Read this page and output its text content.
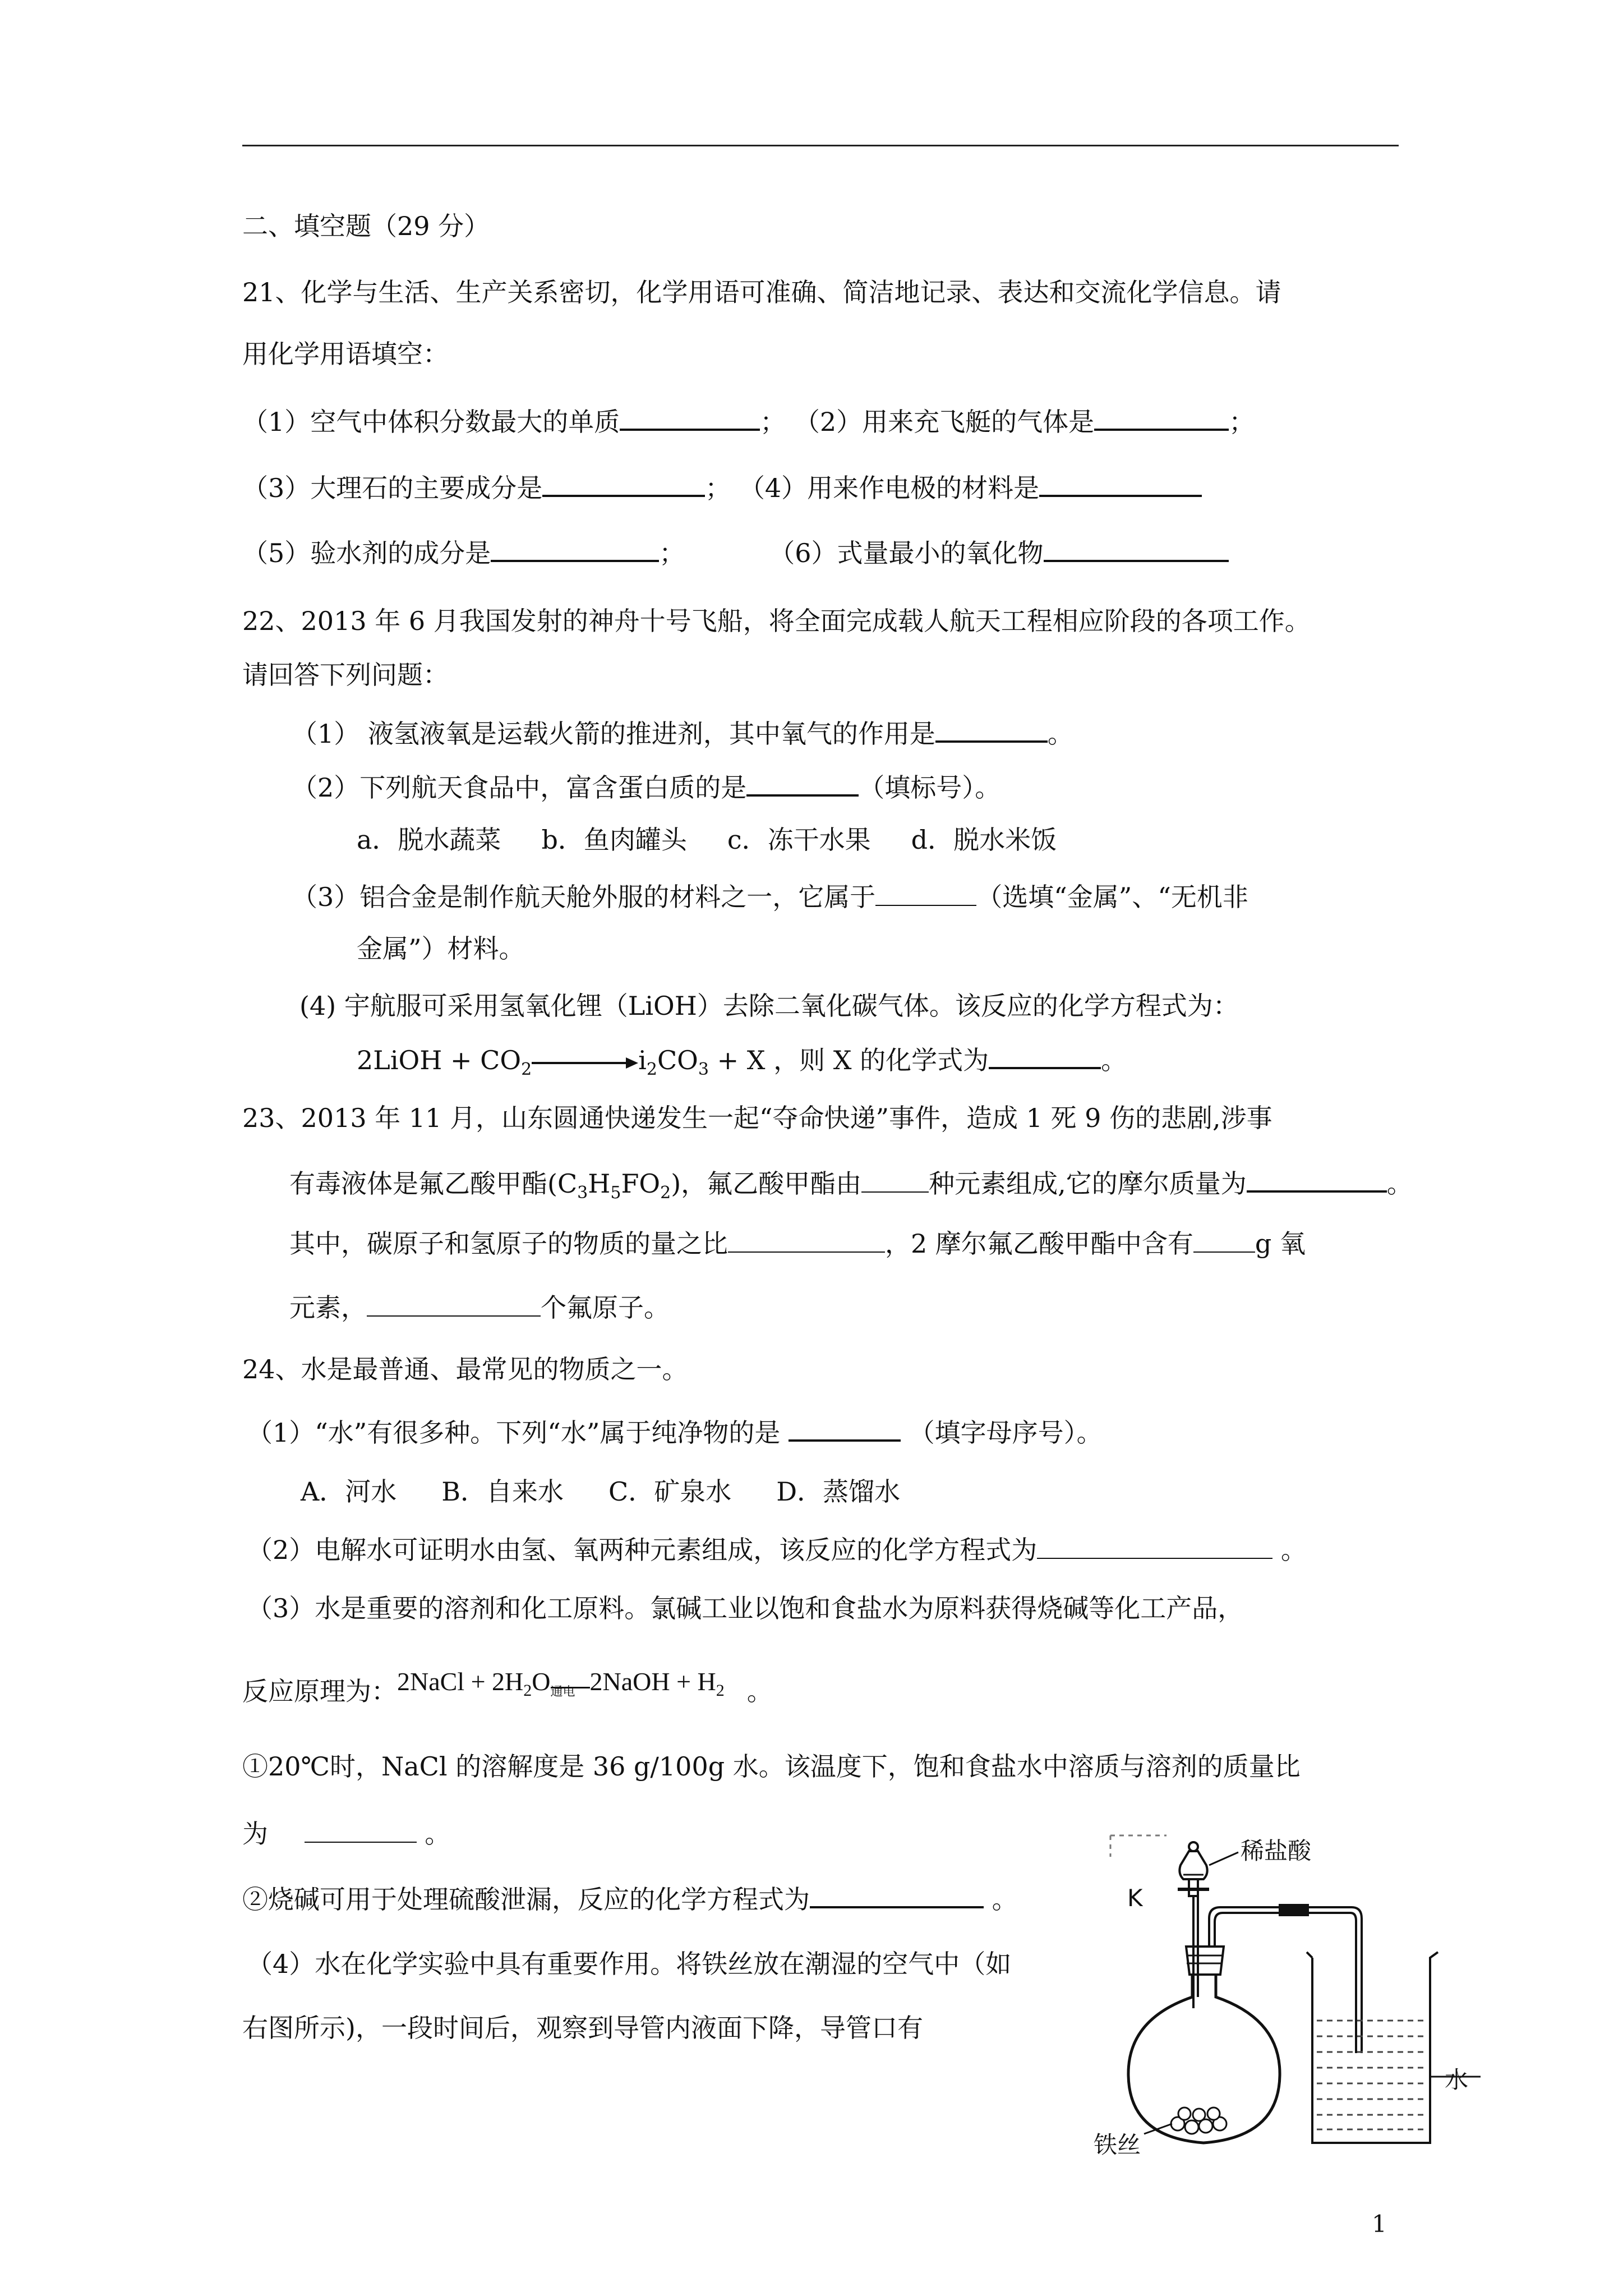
二、填空题（29 分）
21、化学与生活、生产关系密切，化学用语可准确、简洁地记录、表达和交流化学信息。请
用化学用语填空：
（1）空气中体积分数最大的单质	； （2）用来充飞艇的气体是	；
（3）大理石的主要成分是	； （4）用来作电极的材料是
（5）验水剂的成分是	；	（6）式量最小的氧化物
22、2013 年 6 月我国发射的神舟十号飞船，将全面完成载人航天工程相应阶段的各项工作。
请回答下列问题：
（1） 液氢液氧是运载火箭的推进剂，其中氧气的作用是	。
（2）下列航天食品中，富含蛋白质的是	（填标号）。
a．脱水蔬菜 b．鱼肉罐头 c．冻干水果 d．脱水米饭
（3）铝合金是制作航天舱外服的材料之一，它属于	（选填“金属”、“无机非
金属”）材料。
(4) 宇航服可采用氢氧化锂（LiOH）去除二氧化碳气体。该反应的化学方程式为：
2LiOH + $CO_2$	$i_2CO_3 + X$ ，则 X 的化学式为	。
23、2013 年 11 月，山东圆通快递发生一起“夺命快递”事件，造成 1 死 9 伤的悲剧,涉事
有毒液体是氟乙酸甲酯$(C_3H_5FO_2)$，氟乙酸甲酯由	种元素组成,它的摩尔质量为	。
其中，碳原子和氢原子的物质的量之比	，2 摩尔氟乙酸甲酯中含有 g 氧
元素，	个氟原子。
24、水是最普通、最常见的物质之一。
（1）“水”有很多种。下列“水”属于纯净物的是	（填字母序号）。
A．河水 B．自来水 C．矿泉水 D．蒸馏水
（2）电解水可证明水由氢、氧两种元素组成，该反应的化学方程式为	。
（3）水是重要的溶剂和化工原料。氯碱工业以饱和食盐水为原料获得烧碱等化工产品，
反应原理为：2NaCl + $2H_2O$ 通电 2NaOH + $H_2$ 。
①20℃时，NaCl 的溶解度是 36 g/100g 水。该温度下，饱和食盐水中溶质与溶剂的质量比
为	。
②烧碱可用于处理硫酸泄漏，反应的化学方程式为	。
（4）水在化学实验中具有重要作用。将铁丝放在潮湿的空气中（如
右图所示)，一段时间后，观察到导管内液面下降，导管口有
稀盐酸
K
铁丝
水
1
